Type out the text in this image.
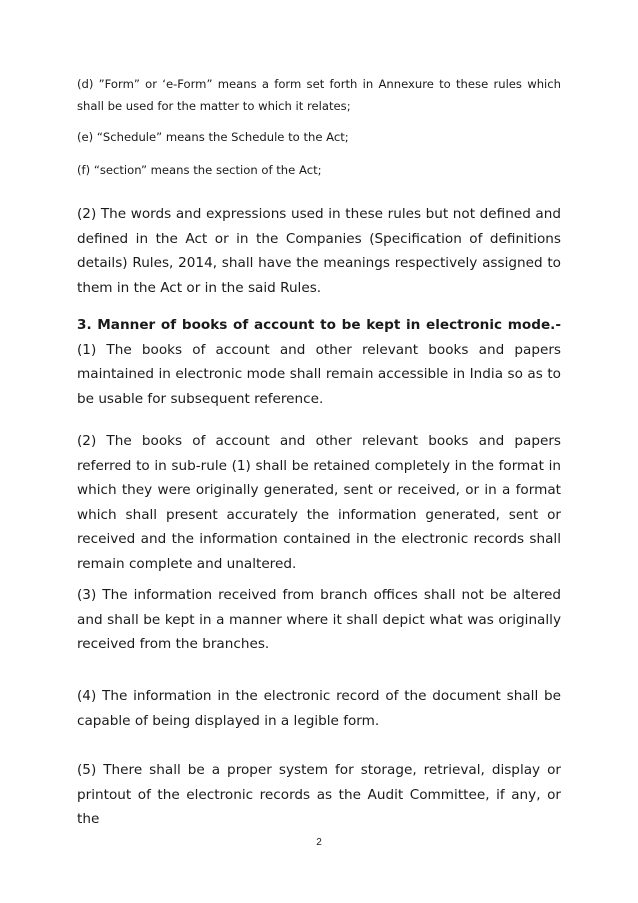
(d) ”Form” or ‘e-Form” means a form set forth in Annexure to these rules which shall be used for the matter to which it relates;

(e) “Schedule” means the Schedule to the Act;

(f) “section” means the section of the Act;

(2) The words and expressions used in these rules but not defined and defined in the Act or in the Companies (Specification of definitions details) Rules, 2014, shall have the meanings respectively assigned to them in the Act or in the said Rules.

3. Manner of books of account to be kept in electronic mode.- (1) The books of account and other relevant books and papers maintained in electronic mode shall remain accessible in India so as to be usable for subsequent reference.

(2) The books of account and other relevant books and papers referred to in sub-rule (1) shall be retained completely in the format in which they were originally generated, sent or received, or in a format which shall present accurately the information generated, sent or received and the information contained in the electronic records shall remain complete and unaltered.

(3) The information received from branch offices shall not be altered and shall be kept in a manner where it shall depict what was originally received from the branches.

(4) The information in the electronic record of the document shall be capable of being displayed in a legible form.

(5) There shall be a proper system for storage, retrieval, display or printout of the electronic records as the Audit Committee, if any, or the

2
